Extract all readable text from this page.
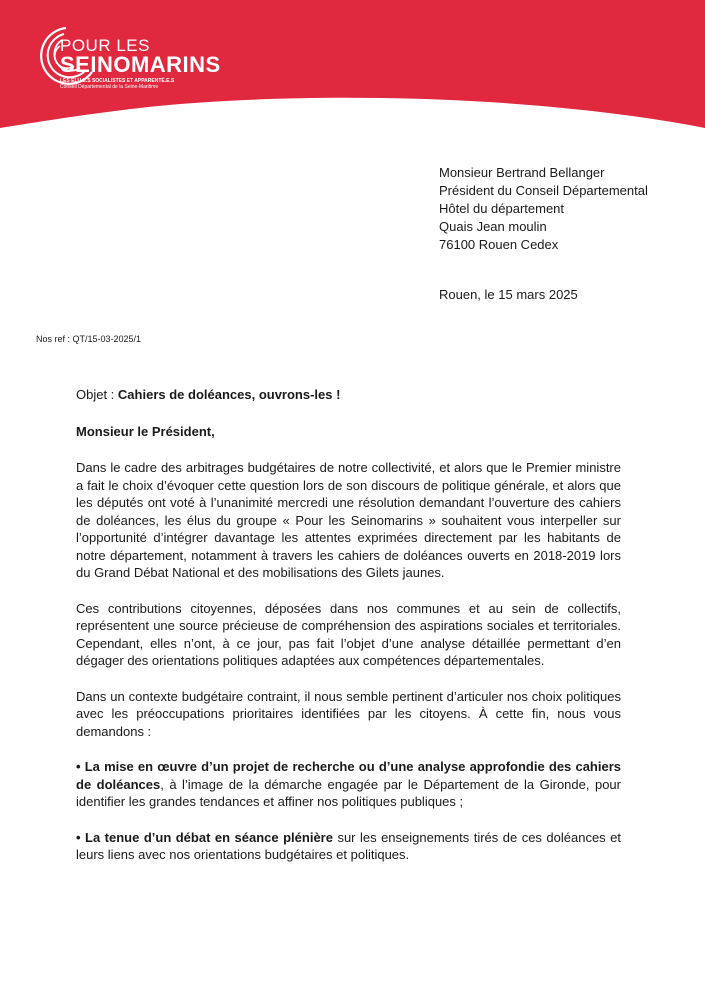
POUR LES
SEINOMARINS
LES ÉLU.E.S SOCIALISTES ET APPARENTÉ.E.S
Conseil Départemental de la Seine-Maritime
Monsieur Bertrand Bellanger
Président du Conseil Départemental
Hôtel du département
Quais Jean moulin
76100 Rouen Cedex
Rouen, le 15 mars 2025
Nos ref : QT/15-03-2025/1

Objet : Cahiers de doléances, ouvrons-les !

Monsieur le Président,

Dans le cadre des arbitrages budgétaires de notre collectivité, et alors que le Premier ministre a fait le choix d’évoquer cette question lors de son discours de politique générale, et alors que les députés ont voté à l’unanimité mercredi une résolution demandant l’ouverture des cahiers de doléances, les élus du groupe « Pour les Seinomarins » souhaitent vous interpeller sur l’opportunité d’intégrer davantage les attentes exprimées directement par les habitants de notre département, notamment à travers les cahiers de doléances ouverts en 2018-2019 lors du Grand Débat National et des mobilisations des Gilets jaunes.

Ces contributions citoyennes, déposées dans nos communes et au sein de collectifs, représentent une source précieuse de compréhension des aspirations sociales et territoriales. Cependant, elles n’ont, à ce jour, pas fait l’objet d’une analyse détaillée permettant d’en dégager des orientations politiques adaptées aux compétences départementales.

Dans un contexte budgétaire contraint, il nous semble pertinent d’articuler nos choix politiques avec les préoccupations prioritaires identifiées par les citoyens. À cette fin, nous vous demandons :

• La mise en œuvre d’un projet de recherche ou d’une analyse approfondie des cahiers de doléances, à l’image de la démarche engagée par le Département de la Gironde, pour identifier les grandes tendances et affiner nos politiques publiques ;

• La tenue d’un débat en séance plénière sur les enseignements tirés de ces doléances et leurs liens avec nos orientations budgétaires et politiques.
